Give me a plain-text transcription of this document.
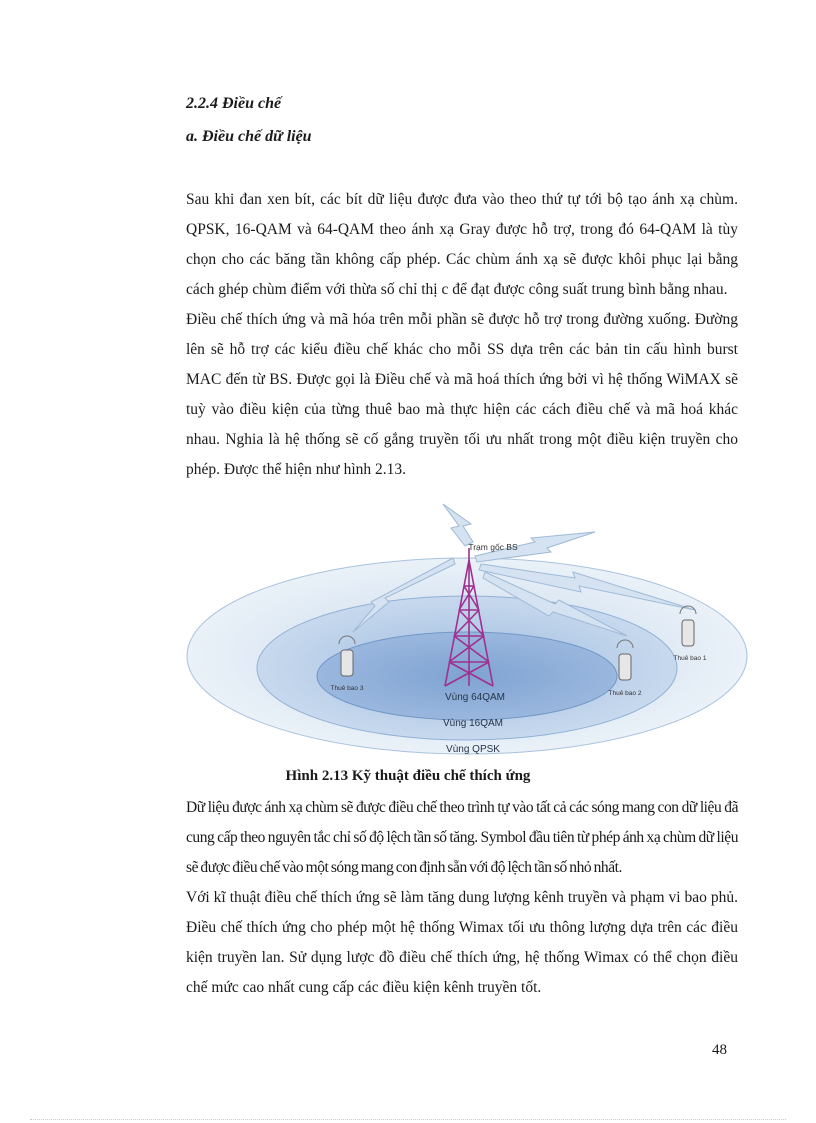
2.2.4 Điều chế

a. Điều chế dữ liệu

Sau khi đan xen bít, các bít dữ liệu được đưa vào theo thứ tự tới bộ tạo ánh xạ chùm. QPSK, 16-QAM và 64-QAM theo ánh xạ Gray được hỗ trợ, trong đó 64-QAM là tùy chọn cho các băng tần không cấp phép. Các chùm ánh xạ sẽ được khôi phục lại bằng cách ghép chùm điểm với thừa số chỉ thị c để đạt được công suất trung bình bằng nhau.

Điều chế thích ứng và mã hóa trên mỗi phần sẽ được hỗ trợ trong đường xuống. Đường lên sẽ hỗ trợ các kiểu điều chế khác cho mỗi SS dựa trên các bản tin cấu hình burst MAC đến từ BS. Được gọi là Điều chế và mã hoá thích ứng bởi vì hệ thống WiMAX sẽ tuỳ vào điều kiện của từng thuê bao mà thực hiện các cách điều chế và mã hoá khác nhau. Nghia là hệ thống sẽ cố gắng truyền tối ưu nhất trong một điều kiện truyền cho phép. Được thể hiện như hình 2.13.

Trạm gốc BS
Thuê bao 1
Thuê bao 2
Thuê bao 3
Vùng 64QAM
Vùng 16QAM
Vùng QPSK

Hình 2.13 Kỹ thuật điều chế thích ứng

Dữ liệu được ánh xạ chùm sẽ được điều chế theo trình tự vào tất cả các sóng mang con dữ liệu đã cung cấp theo nguyên tắc chỉ số độ lệch tần số tăng. Symbol đầu tiên từ phép ánh xạ chùm dữ liệu sẽ được điều chế vào một sóng mang con định sẵn với độ lệch tần số nhỏ nhất.

Với kĩ thuật điều chế thích ứng sẽ làm tăng dung lượng kênh truyền và phạm vi bao phủ. Điều chế thích ứng cho phép một hệ thống Wimax tối ưu thông lượng dựa trên các điều kiện truyền lan. Sử dụng lược đồ điều chế thích ứng, hệ thống Wimax có thể chọn điều chế mức cao nhất cung cấp các điều kiện kênh truyền tốt.

48
